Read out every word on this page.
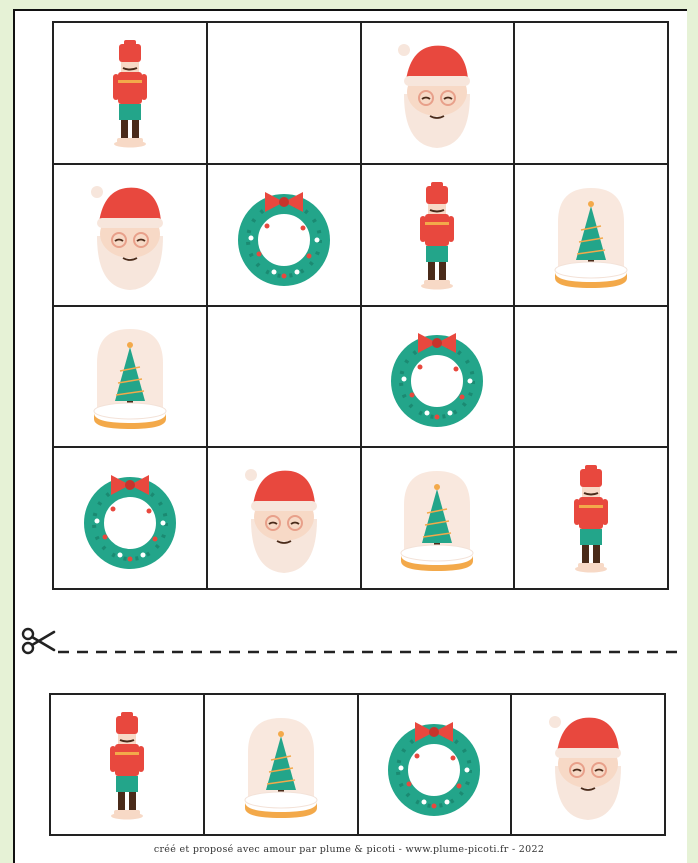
créé et proposé avec amour par plume & picoti - www.plume-picoti.fr - 2022
